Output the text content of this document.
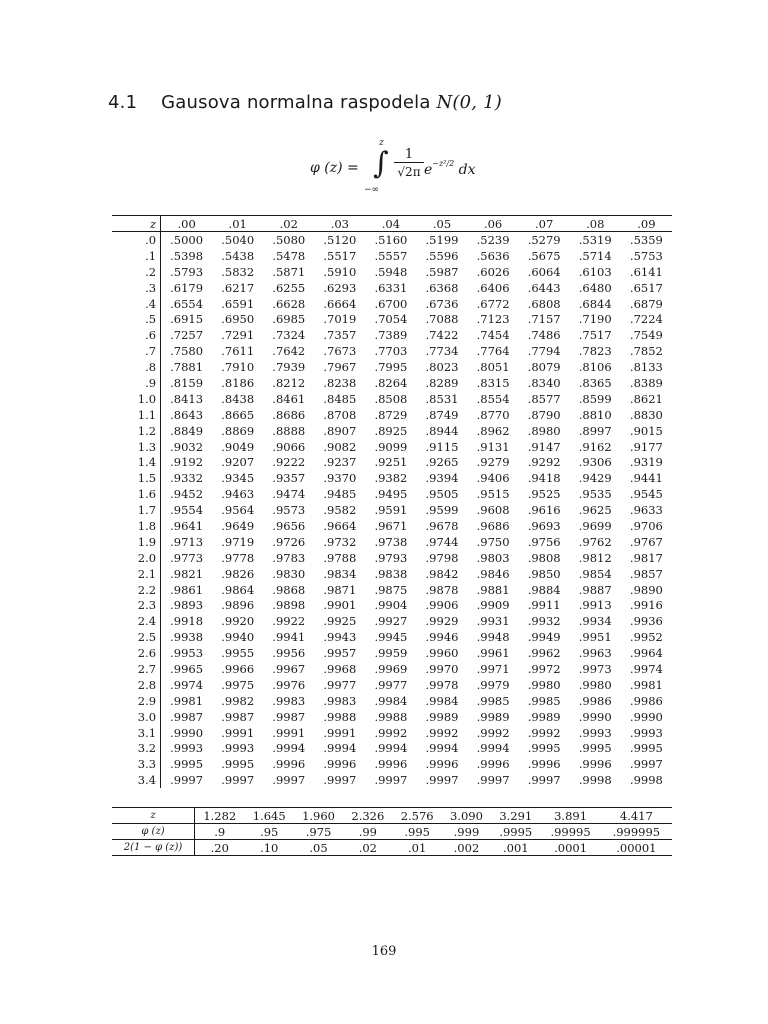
4.1 Gausova normalna raspodela N(0, 1)
φ (z) = ∫
z
−∞
$\frac{1}{√2\pi} e^{-z^2/2}$ dx
z	.00	.01	.02	.03	.04	.05	.06	.07	.08	.09
.0	.5000	.5040	.5080	.5120	.5160	.5199	.5239	.5279	.5319	.5359
.1	.5398	.5438	.5478	.5517	.5557	.5596	.5636	.5675	.5714	.5753
.2	.5793	.5832	.5871	.5910	.5948	.5987	.6026	.6064	.6103	.6141
.3	.6179	.6217	.6255	.6293	.6331	.6368	.6406	.6443	.6480	.6517
.4	.6554	.6591	.6628	.6664	.6700	.6736	.6772	.6808	.6844	.6879
.5	.6915	.6950	.6985	.7019	.7054	.7088	.7123	.7157	.7190	.7224
.6	.7257	.7291	.7324	.7357	.7389	.7422	.7454	.7486	.7517	.7549
.7	.7580	.7611	.7642	.7673	.7703	.7734	.7764	.7794	.7823	.7852
.8	.7881	.7910	.7939	.7967	.7995	.8023	.8051	.8079	.8106	.8133
.9	.8159	.8186	.8212	.8238	.8264	.8289	.8315	.8340	.8365	.8389
1.0	.8413	.8438	.8461	.8485	.8508	.8531	.8554	.8577	.8599	.8621
1.1	.8643	.8665	.8686	.8708	.8729	.8749	.8770	.8790	.8810	.8830
1.2	.8849	.8869	.8888	.8907	.8925	.8944	.8962	.8980	.8997	.9015
1.3	.9032	.9049	.9066	.9082	.9099	.9115	.9131	.9147	.9162	.9177
1.4	.9192	.9207	.9222	.9237	.9251	.9265	.9279	.9292	.9306	.9319
1.5	.9332	.9345	.9357	.9370	.9382	.9394	.9406	.9418	.9429	.9441
1.6	.9452	.9463	.9474	.9485	.9495	.9505	.9515	.9525	.9535	.9545
1.7	.9554	.9564	.9573	.9582	.9591	.9599	.9608	.9616	.9625	.9633
1.8	.9641	.9649	.9656	.9664	.9671	.9678	.9686	.9693	.9699	.9706
1.9	.9713	.9719	.9726	.9732	.9738	.9744	.9750	.9756	.9762	.9767
2.0	.9773	.9778	.9783	.9788	.9793	.9798	.9803	.9808	.9812	.9817
2.1	.9821	.9826	.9830	.9834	.9838	.9842	.9846	.9850	.9854	.9857
2.2	.9861	.9864	.9868	.9871	.9875	.9878	.9881	.9884	.9887	.9890
2.3	.9893	.9896	.9898	.9901	.9904	.9906	.9909	.9911	.9913	.9916
2.4	.9918	.9920	.9922	.9925	.9927	.9929	.9931	.9932	.9934	.9936
2.5	.9938	.9940	.9941	.9943	.9945	.9946	.9948	.9949	.9951	.9952
2.6	.9953	.9955	.9956	.9957	.9959	.9960	.9961	.9962	.9963	.9964
2.7	.9965	.9966	.9967	.9968	.9969	.9970	.9971	.9972	.9973	.9974
2.8	.9974	.9975	.9976	.9977	.9977	.9978	.9979	.9980	.9980	.9981
2.9	.9981	.9982	.9983	.9983	.9984	.9984	.9985	.9985	.9986	.9986
3.0	.9987	.9987	.9987	.9988	.9988	.9989	.9989	.9989	.9990	.9990
3.1	.9990	.9991	.9991	.9991	.9992	.9992	.9992	.9992	.9993	.9993
3.2	.9993	.9993	.9994	.9994	.9994	.9994	.9994	.9995	.9995	.9995
3.3	.9995	.9995	.9996	.9996	.9996	.9996	.9996	.9996	.9996	.9997
3.4	.9997	.9997	.9997	.9997	.9997	.9997	.9997	.9997	.9998	.9998
z	1.282	1.645	1.960	2.326	2.576	3.090	3.291	3.891	4.417
φ (z)	.9	.95	.975	.99	.995	.999	.9995	.99995	.999995
2(1 − φ (z))	.20	.10	.05	.02	.01	.002	.001	.0001	.00001
169
